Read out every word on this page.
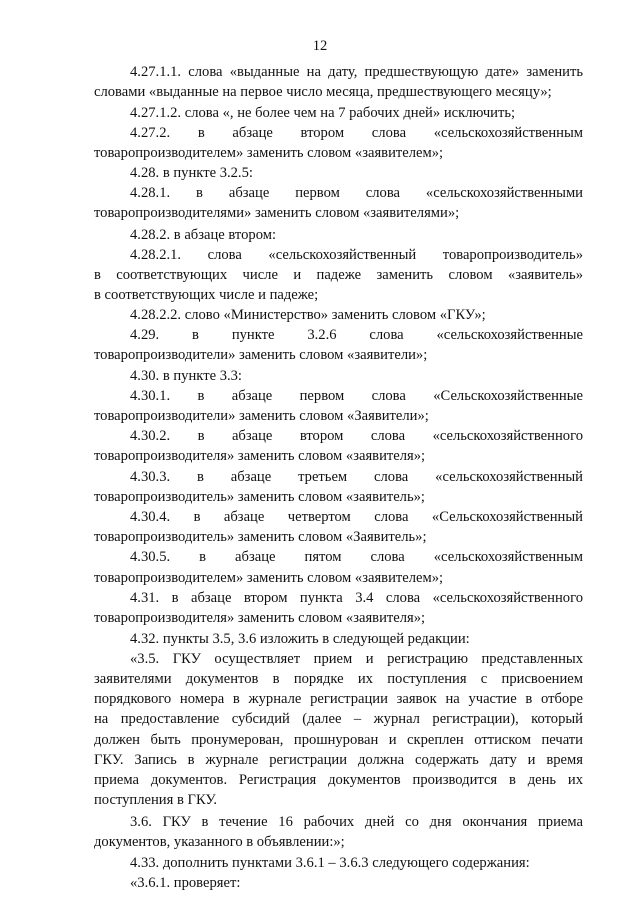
12
4.27.1.1. слова «выданные на дату, предшествующую дате» заменить
словами «выданные на первое число месяца, предшествующего месяцу»;
4.27.1.2. слова «, не более чем на 7 рабочих дней» исключить;
4.27.2. в абзаце втором слова «сельскохозяйственным
товаропроизводителем» заменить словом «заявителем»;
4.28. в пункте 3.2.5:
4.28.1. в абзаце первом слова «сельскохозяйственными
товаропроизводителями» заменить словом «заявителями»;
4.28.2. в абзаце втором:
4.28.2.1. слова «сельскохозяйственный товаропроизводитель»
в соответствующих числе и падеже заменить словом «заявитель»
в соответствующих числе и падеже;
4.28.2.2. слово «Министерство» заменить словом «ГКУ»;
4.29. в пункте 3.2.6 слова «сельскохозяйственные
товаропроизводители» заменить словом «заявители»;
4.30. в пункте 3.3:
4.30.1. в абзаце первом слова «Сельскохозяйственные
товаропроизводители» заменить словом «Заявители»;
4.30.2. в абзаце втором слова «сельскохозяйственного
товаропроизводителя» заменить словом «заявителя»;
4.30.3. в абзаце третьем слова «сельскохозяйственный
товаропроизводитель» заменить словом «заявитель»;
4.30.4. в абзаце четвертом слова «Сельскохозяйственный
товаропроизводитель» заменить словом «Заявитель»;
4.30.5. в абзаце пятом слова «сельскохозяйственным
товаропроизводителем» заменить словом «заявителем»;
4.31. в абзаце втором пункта 3.4 слова «сельскохозяйственного
товаропроизводителя» заменить словом «заявителя»;
4.32. пункты 3.5, 3.6 изложить в следующей редакции:
«3.5. ГКУ осуществляет прием и регистрацию представленных
заявителями документов в порядке их поступления с присвоением
порядкового номера в журнале регистрации заявок на участие в отборе
на предоставление субсидий (далее – журнал регистрации), который
должен быть пронумерован, прошнурован и скреплен оттиском печати
ГКУ. Запись в журнале регистрации должна содержать дату и время
приема документов. Регистрация документов производится в день их
поступления в ГКУ.
3.6. ГКУ в течение 16 рабочих дней со дня окончания приема
документов, указанного в объявлении:»;
4.33. дополнить пунктами 3.6.1 – 3.6.3 следующего содержания:
«3.6.1. проверяет:
